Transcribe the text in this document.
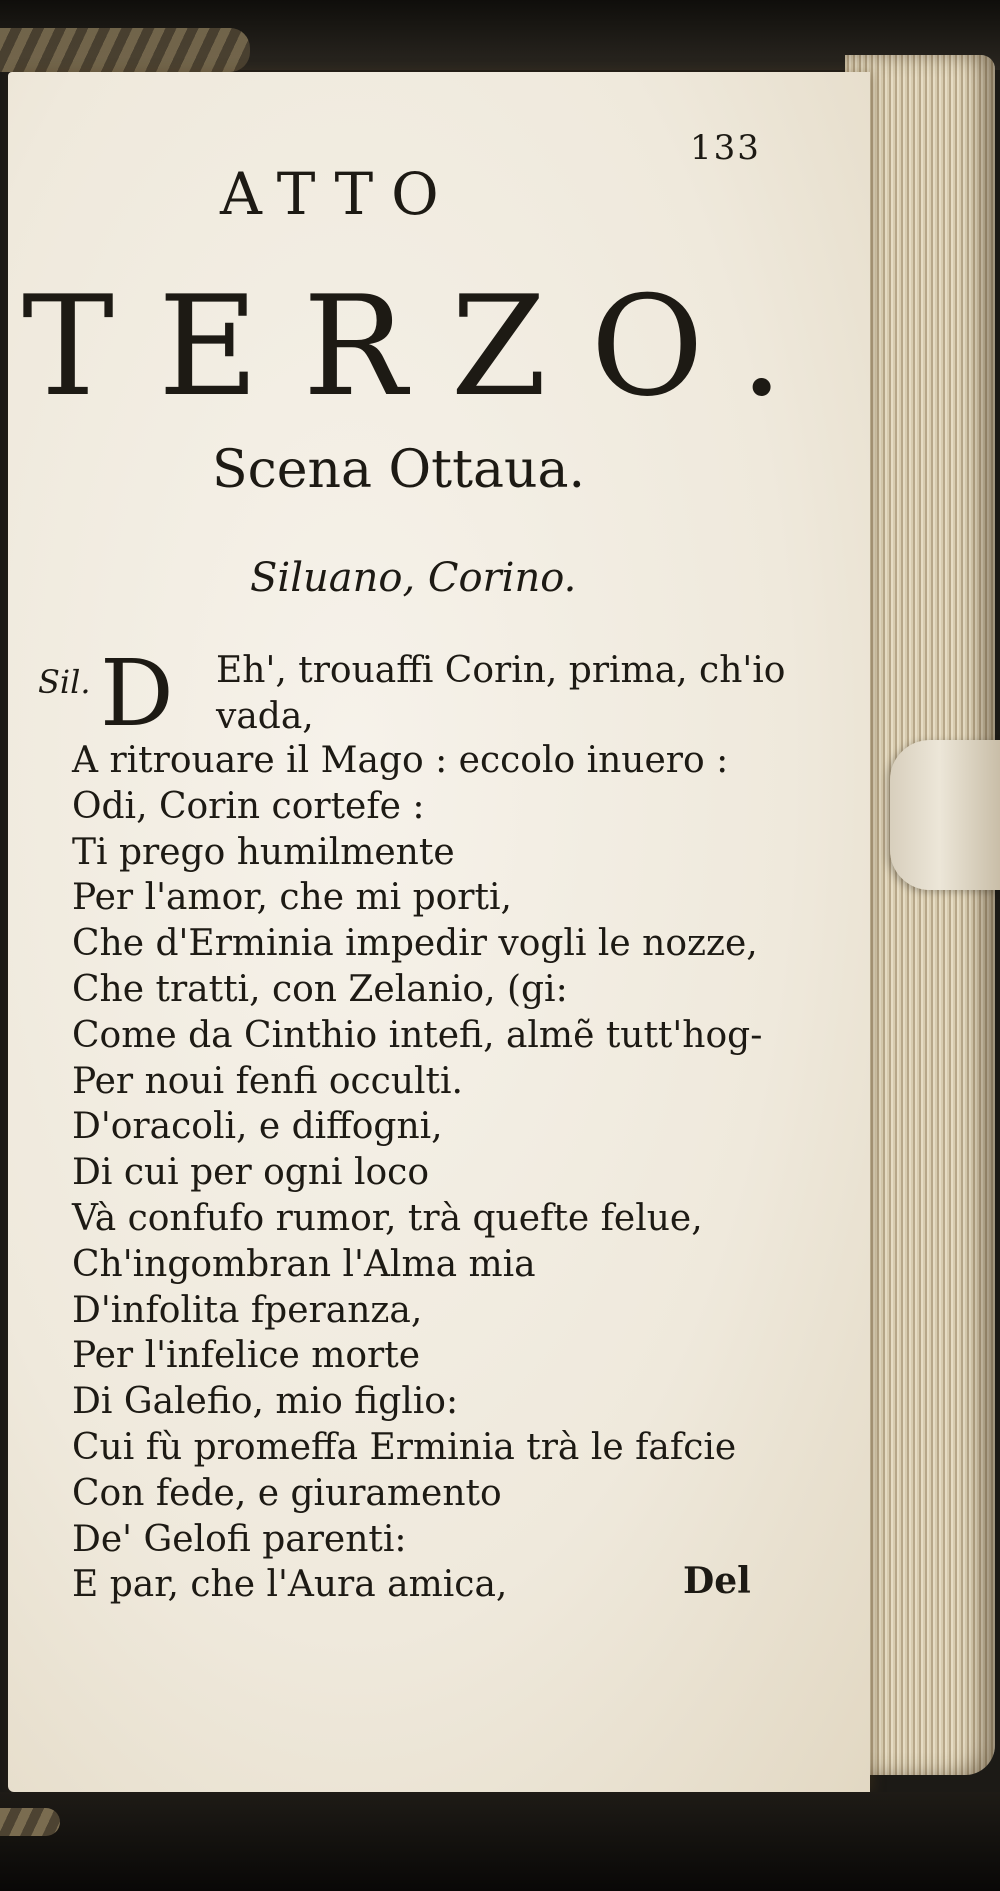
133
ATTO
TERZO.
Scena Ottaua.
Siluano, Corino.
Sil. D Eh', trouaffi Corin, prima, ch'io
vada,
A ritrouare il Mago : eccolo inuero :
Odi, Corin cortefe :
Ti prego humilmente
Per l'amor, che mi porti,
Che d'Erminia impedir vogli le nozze,
Che tratti, con Zelanio, (gi:
Come da Cinthio intefi, almẽ tutt'hog-
Per noui fenfi occulti.
D'oracoli, e diffogni,
Di cui per ogni loco
Và confufo rumor, trà quefte felue,
Ch'ingombran l'Alma mia
D'infolita fperanza,
Per l'infelice morte
Di Galefio, mio figlio:
Cui fù promeffa Erminia trà le fafcie
Con fede, e giuramento
De' Gelofi parenti:
E par, che l'Aura amica,	Del
